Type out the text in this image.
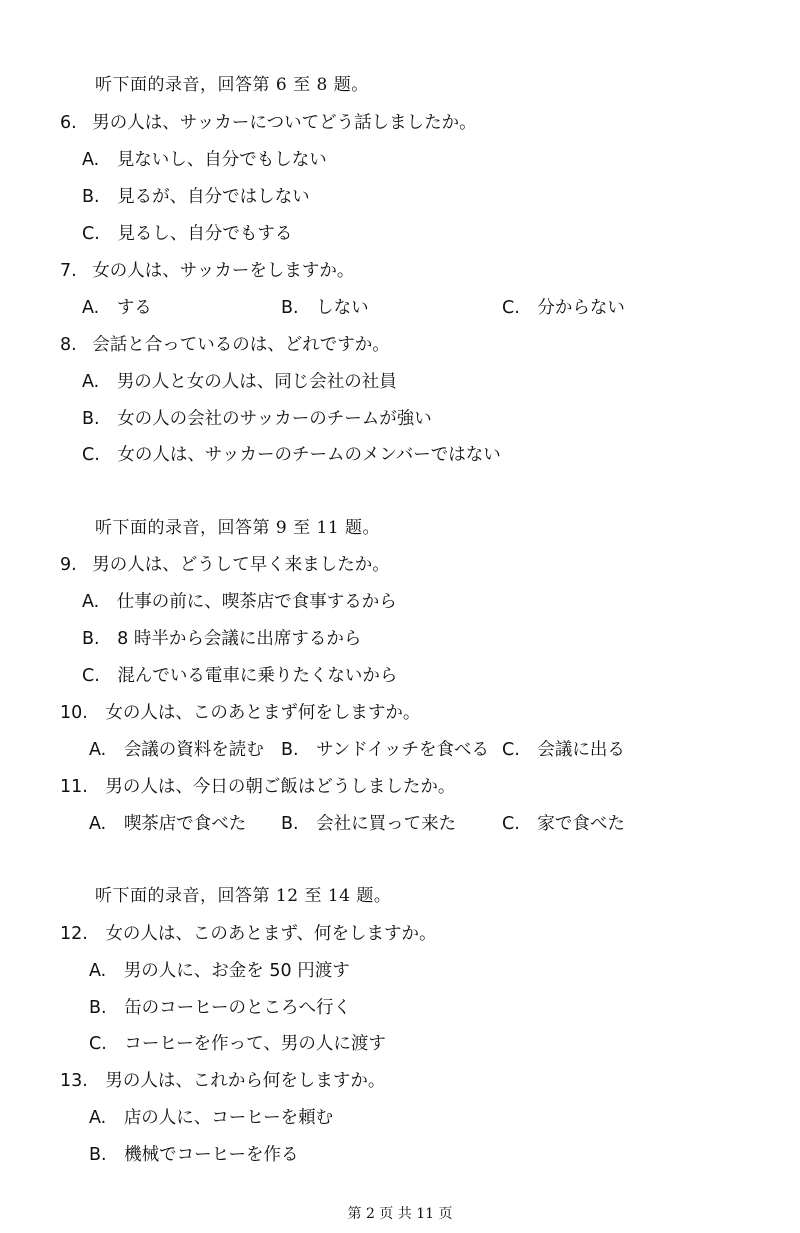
听下面的录音，回答第 6 至 8 题。
6. 男の人は、サッカーについてどう話しましたか。
A. 見ないし、自分でもしない
B. 見るが、自分ではしない
C. 見るし、自分でもする
7. 女の人は、サッカーをしますか。
A. する	B. しない	C. 分からない
8. 会話と合っているのは、どれですか。
A. 男の人と女の人は、同じ会社の社員
B. 女の人の会社のサッカーのチームが強い
C. 女の人は、サッカーのチームのメンバーではない
听下面的录音，回答第 9 至 11 题。
9. 男の人は、どうして早く来ましたか。
A. 仕事の前に、喫茶店で食事するから
B. 8 時半から会議に出席するから
C. 混んでいる電車に乗りたくないから
10. 女の人は、このあとまず何をしますか。
A. 会議の資料を読む B. サンドイッチを食べる C. 会議に出る
11. 男の人は、今日の朝ご飯はどうしましたか。
A. 喫茶店で食べた B. 会社に買って来た	C. 家で食べた
听下面的录音，回答第 12 至 14 题。
12. 女の人は、このあとまず、何をしますか。
A. 男の人に、お金を 50 円渡す
B. 缶のコーヒーのところへ行く
C. コーヒーを作って、男の人に渡す
13. 男の人は、これから何をしますか。
A. 店の人に、コーヒーを頼む
B. 機械でコーヒーを作る
第 2 页 共 11 页
